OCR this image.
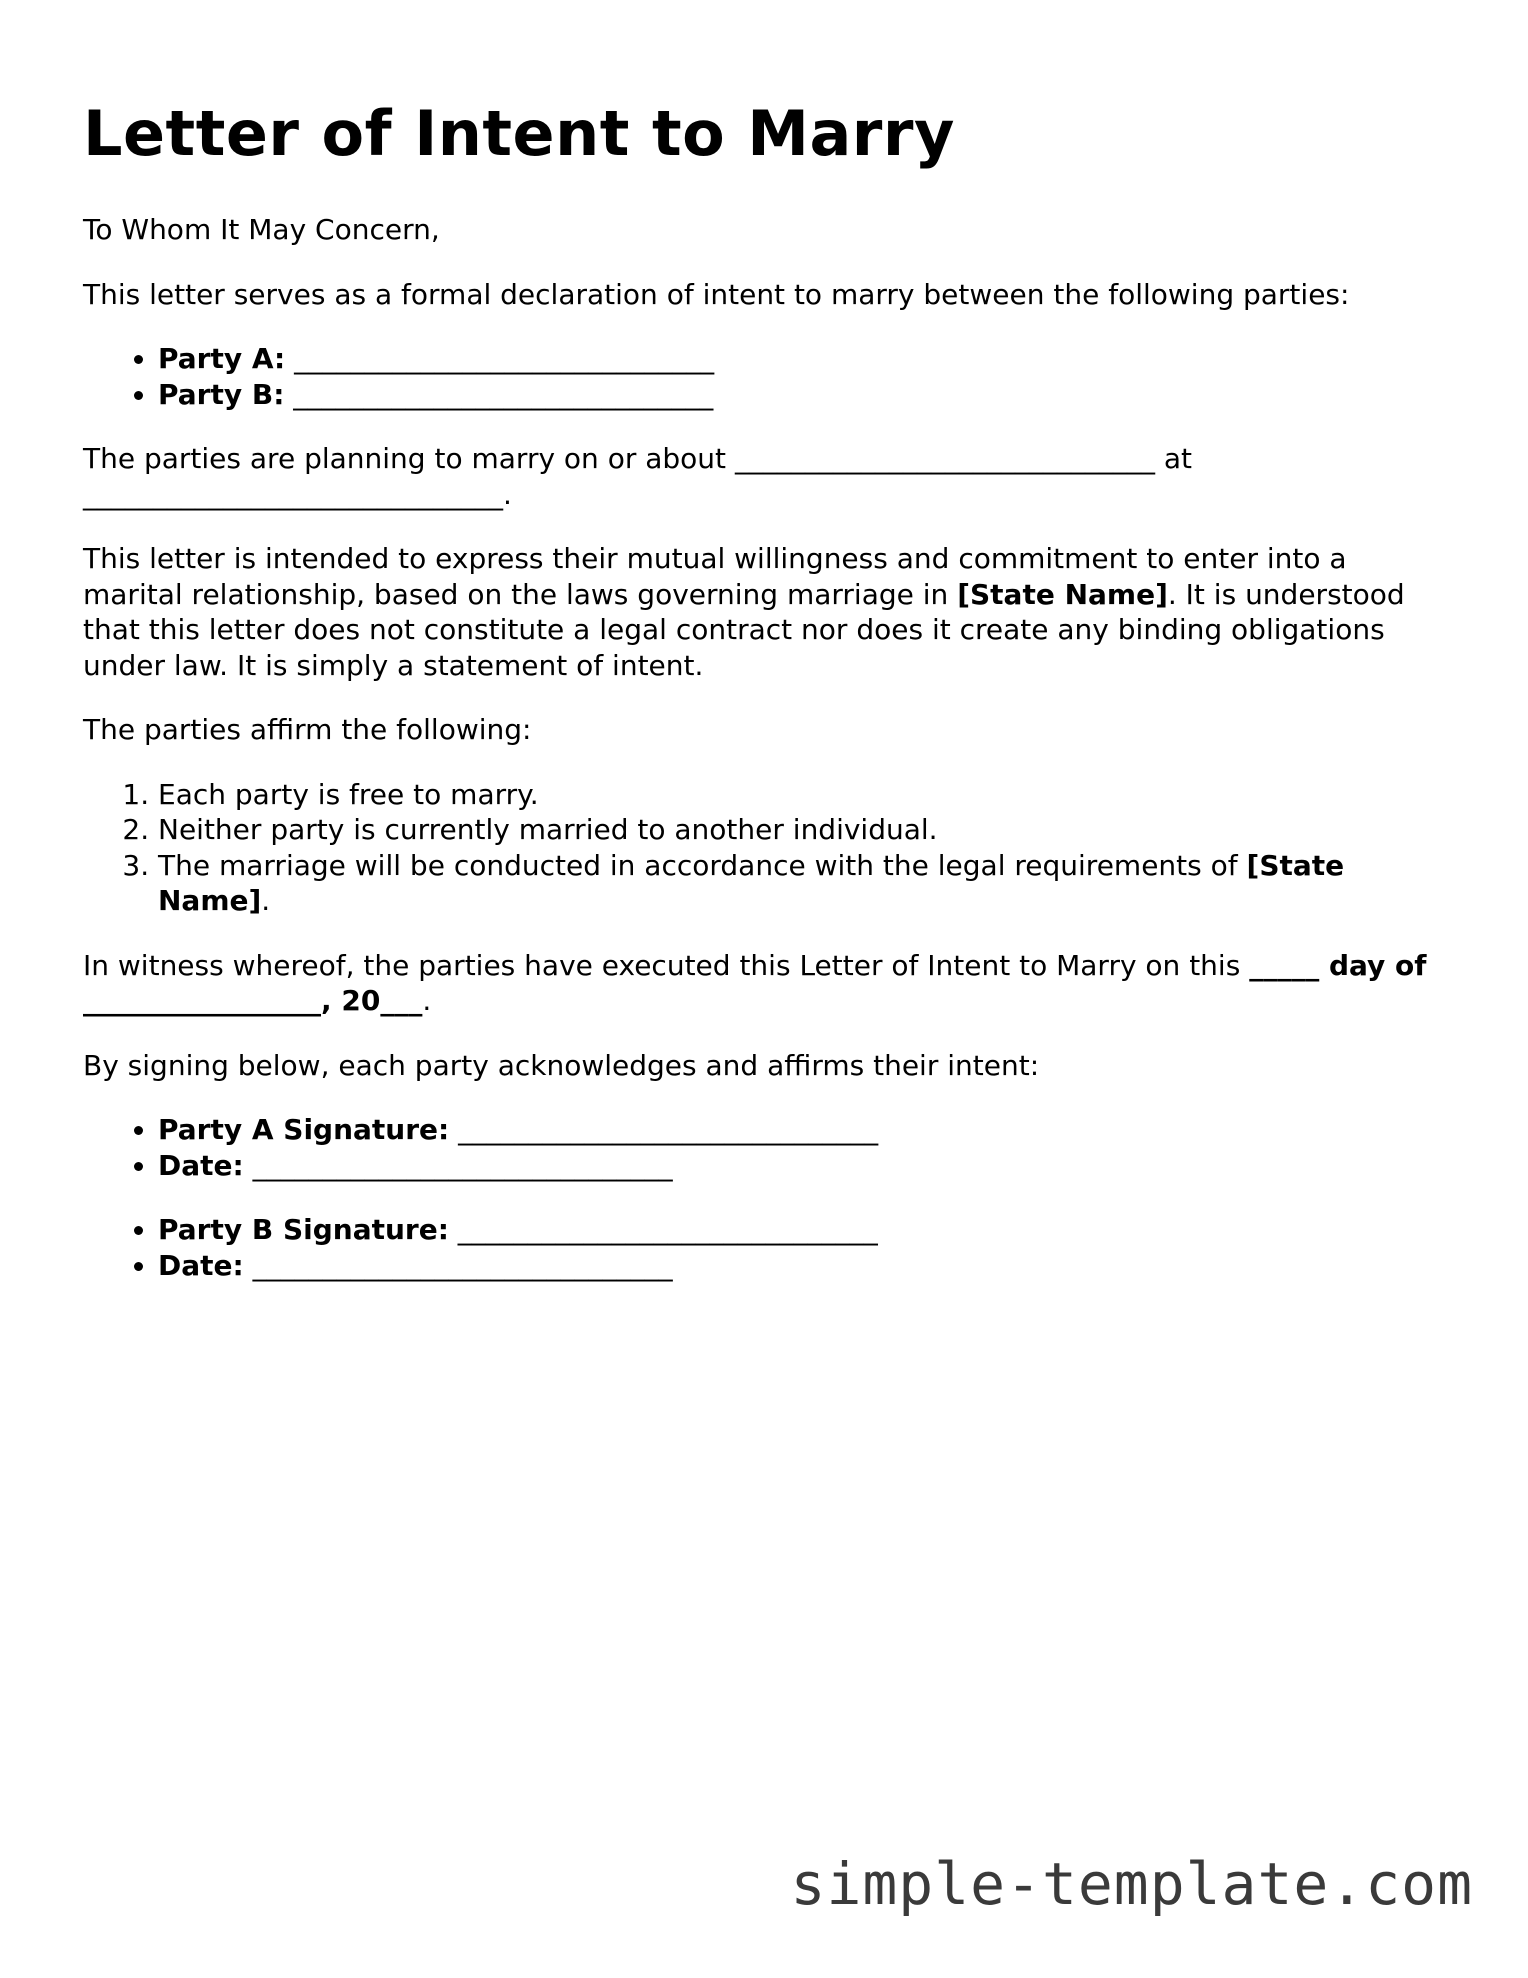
Letter of Intent to Marry

To Whom It May Concern,

This letter serves as a formal declaration of intent to marry between the following parties:

• Party A: ______________________________
• Party B: ______________________________

The parties are planning to marry on or about ______________________________ at ______________________________.

This letter is intended to express their mutual willingness and commitment to enter into a marital relationship, based on the laws governing marriage in [State Name]. It is understood that this letter does not constitute a legal contract nor does it create any binding obligations under law. It is simply a statement of intent.

The parties affirm the following:

1. Each party is free to marry.
2. Neither party is currently married to another individual.
3. The marriage will be conducted in accordance with the legal requirements of [State Name].

In witness whereof, the parties have executed this Letter of Intent to Marry on this _____ day of _________________, 20___.

By signing below, each party acknowledges and affirms their intent:

• Party A Signature: ______________________________
• Date: ______________________________
• Party B Signature: ______________________________
• Date: ______________________________
simple-template.com
